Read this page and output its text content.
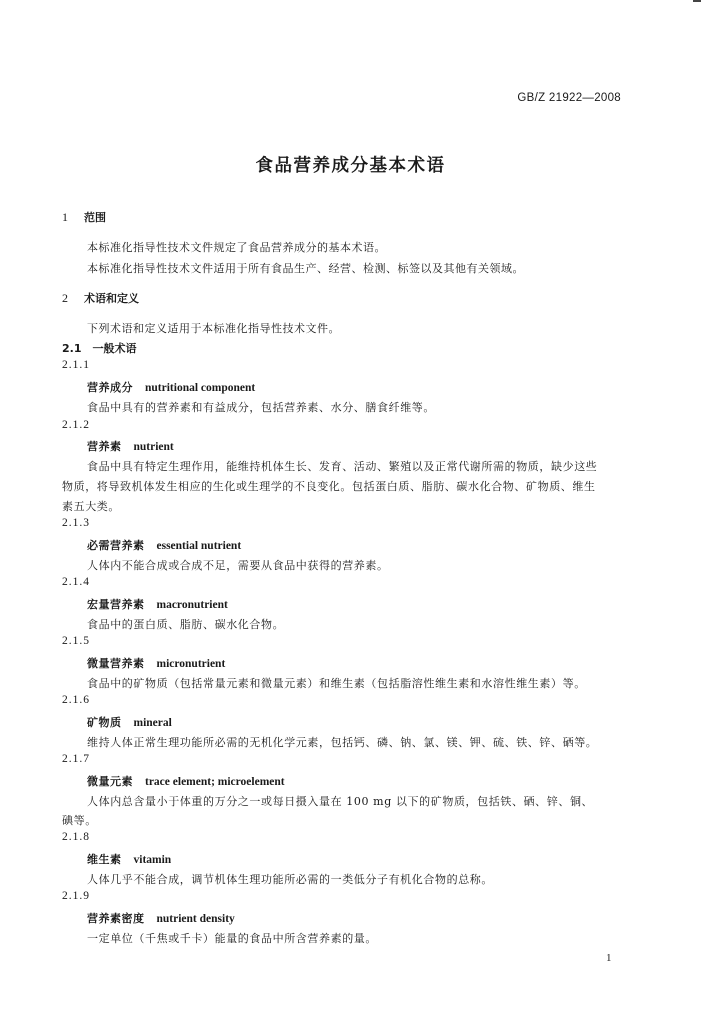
GB/Z 21922—2008
食品营养成分基本术语
1 范围
本标准化指导性技术文件规定了食品营养成分的基本术语。
本标准化指导性技术文件适用于所有食品生产、经营、检测、标签以及其他有关领域。
2 术语和定义
下列术语和定义适用于本标准化指导性技术文件。
2.1　一般术语
2.1.1
营养成分 nutritional component
食品中具有的营养素和有益成分，包括营养素、水分、膳食纤维等。
2.1.2
营养素 nutrient
食品中具有特定生理作用，能维持机体生长、发育、活动、繁殖以及正常代谢所需的物质，缺少这些
物质，将导致机体发生相应的生化或生理学的不良变化。包括蛋白质、脂肪、碳水化合物、矿物质、维生
素五大类。
2.1.3
必需营养素 essential nutrient
人体内不能合成或合成不足，需要从食品中获得的营养素。
2.1.4
宏量营养素 macronutrient
食品中的蛋白质、脂肪、碳水化合物。
2.1.5
微量营养素 micronutrient
食品中的矿物质（包括常量元素和微量元素）和维生素（包括脂溶性维生素和水溶性维生素）等。
2.1.6
矿物质 mineral
维持人体正常生理功能所必需的无机化学元素，包括钙、磷、钠、氯、镁、钾、硫、铁、锌、硒等。
2.1.7
微量元素 trace element; microelement
人体内总含量小于体重的万分之一或每日摄入量在 100 mg 以下的矿物质，包括铁、硒、锌、铜、
碘等。
2.1.8
维生素 vitamin
人体几乎不能合成，调节机体生理功能所必需的一类低分子有机化合物的总称。
2.1.9
营养素密度 nutrient density
一定单位（千焦或千卡）能量的食品中所含营养素的量。
1
